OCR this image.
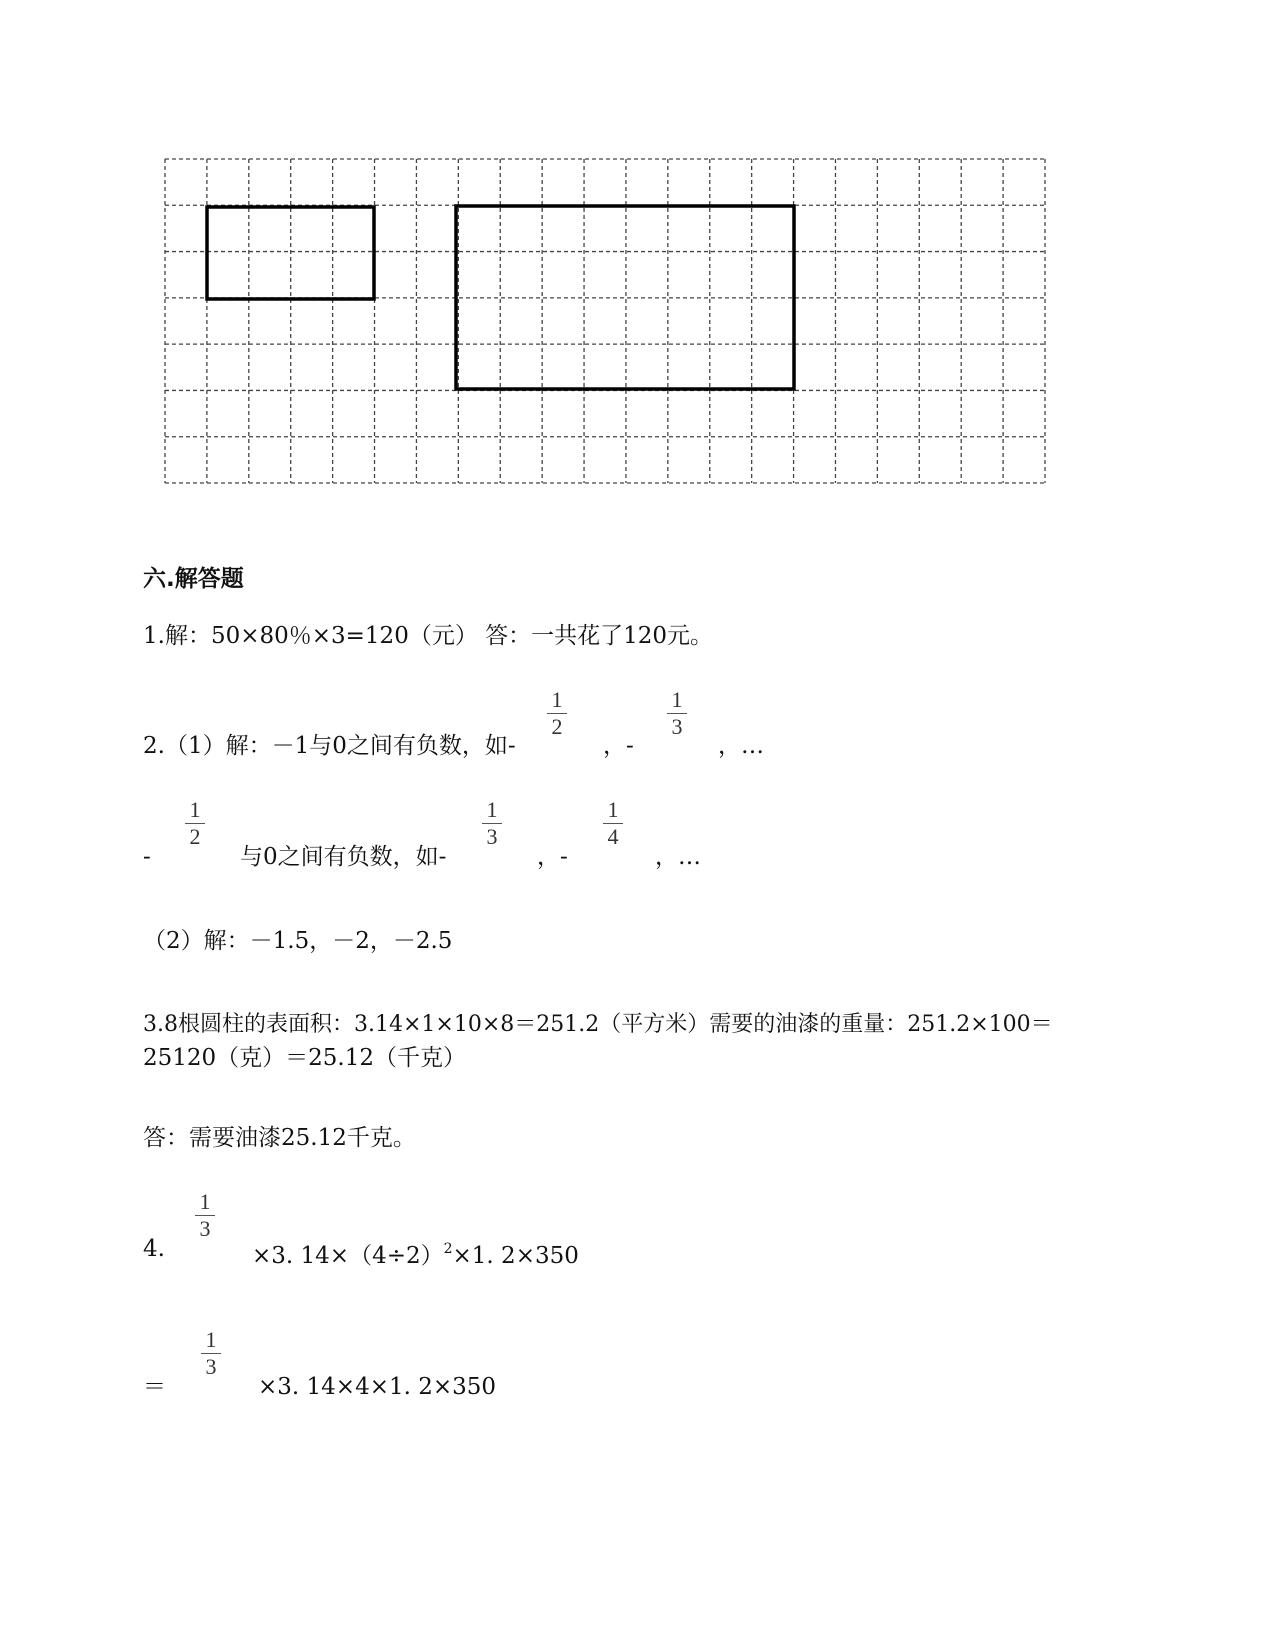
六.解答题
1.解：50×80％×3=120（元） 答：一共花了120元。
2.（1）解：－1与0之间有负数，如-
1
2
，-
1
3
，…
-
1
2
与0之间有负数，如-
1
3
，-
1
4
，…
（2）解：－1.5，－2，－2.5
3.8根圆柱的表面积：3.14×1×10×8＝251.2（平方米）需要的油漆的重量：251.2×100＝
25120（克）＝25.12（千克）
答：需要油漆25.12千克。
4.
1
3
×3. $14\times(4\div 2)^2\times 1$. 2×350
＝
1
3
×3. 14×4×1. 2×350
